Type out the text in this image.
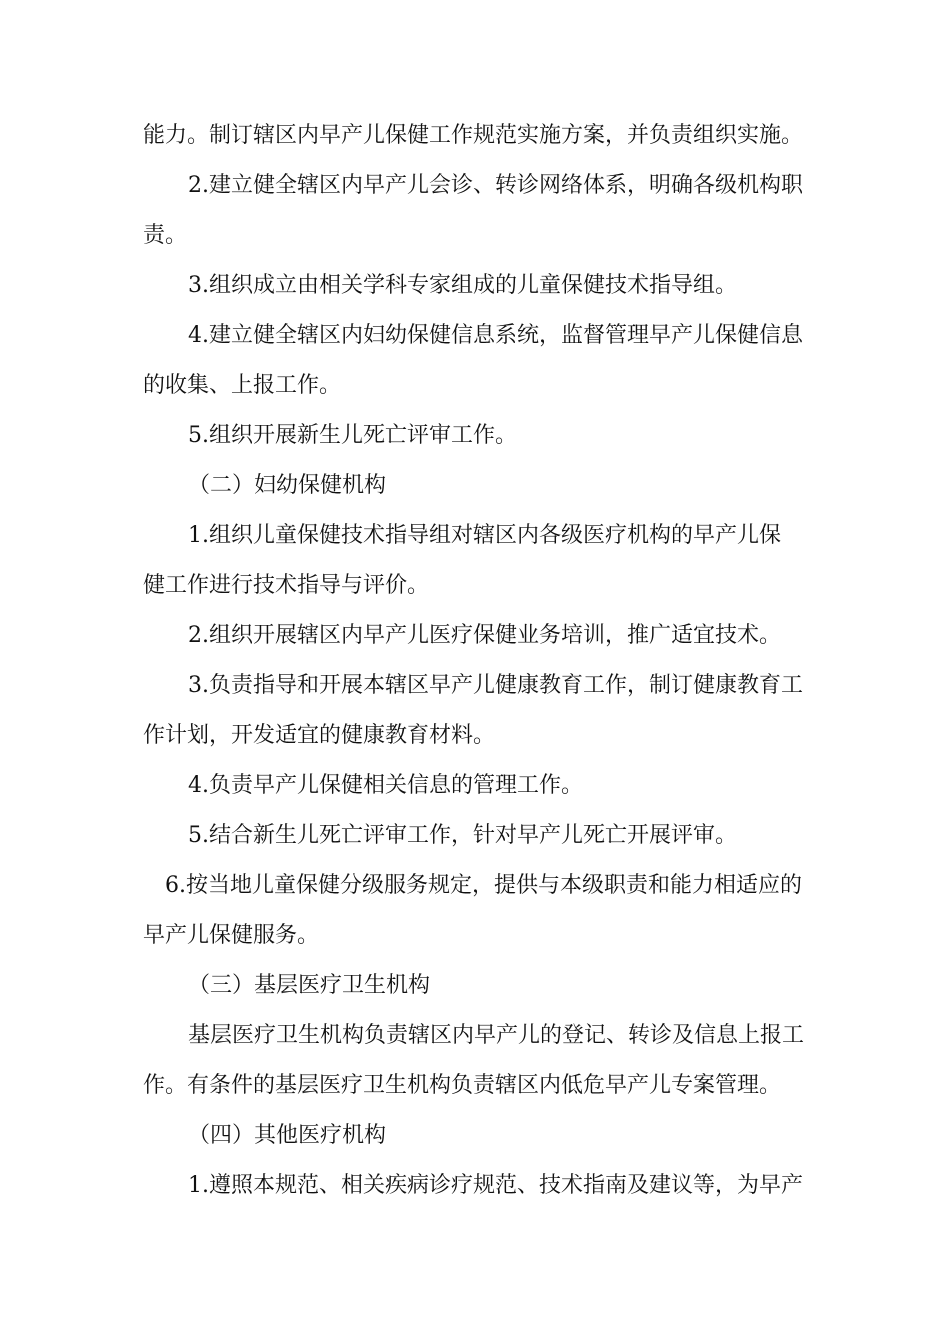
能力。制订辖区内早产儿保健工作规范实施方案，并负责组织实施。
2.建立健全辖区内早产儿会诊、转诊网络体系，明确各级机构职
责。
3.组织成立由相关学科专家组成的儿童保健技术指导组。
4.建立健全辖区内妇幼保健信息系统，监督管理早产儿保健信息
的收集、上报工作。
5.组织开展新生儿死亡评审工作。
（二）妇幼保健机构
1.组织儿童保健技术指导组对辖区内各级医疗机构的早产儿保
健工作进行技术指导与评价。
2.组织开展辖区内早产儿医疗保健业务培训，推广适宜技术。
3.负责指导和开展本辖区早产儿健康教育工作，制订健康教育工
作计划，开发适宜的健康教育材料。
4.负责早产儿保健相关信息的管理工作。
5.结合新生儿死亡评审工作，针对早产儿死亡开展评审。
6.按当地儿童保健分级服务规定，提供与本级职责和能力相适应的
早产儿保健服务。
（三）基层医疗卫生机构
基层医疗卫生机构负责辖区内早产儿的登记、转诊及信息上报工
作。有条件的基层医疗卫生机构负责辖区内低危早产儿专案管理。
（四）其他医疗机构
1.遵照本规范、相关疾病诊疗规范、技术指南及建议等，为早产
